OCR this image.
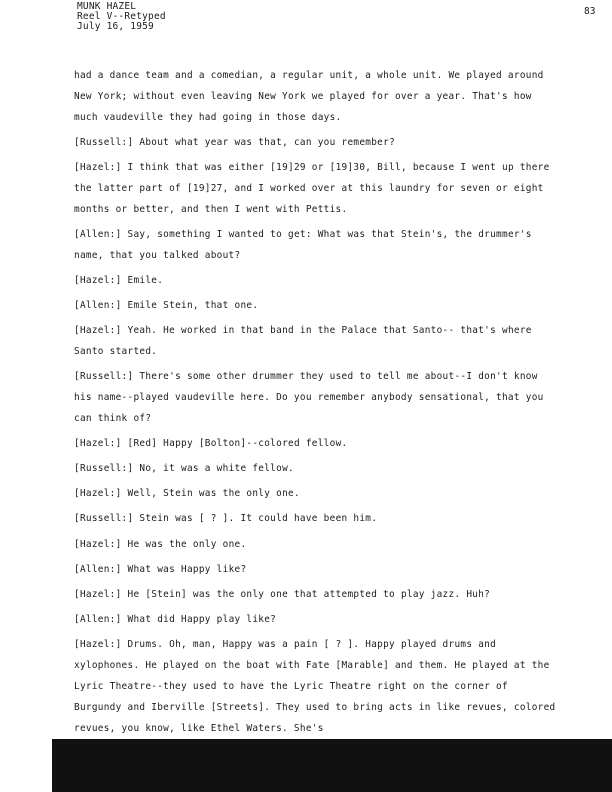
MUNK HAZEL
Reel V--Retyped
July 16, 1959
83

had a dance team and a comedian, a regular unit, a whole unit. We played around New York; without even leaving New York we played for over a year. That's how much vaudeville they had going in those days.

[Russell:] About what year was that, can you remember?

[Hazel:] I think that was either [19]29 or [19]30, Bill, because I went up there the latter part of [19]27, and I worked over at this laundry for seven or eight months or better, and then I went with Pettis.

[Allen:] Say, something I wanted to get: What was that Stein's, the drummer's name, that you talked about?

[Hazel:] Emile.

[Allen:] Emile Stein, that one.

[Hazel:] Yeah. He worked in that band in the Palace that Santo-- that's where Santo started.

[Russell:] There's some other drummer they used to tell me about--I don't know his name--played vaudeville here. Do you remember anybody sensational, that you can think of?

[Hazel:] [Red] Happy [Bolton]--colored fellow.

[Russell:] No, it was a white fellow.

[Hazel:] Well, Stein was the only one.

[Russell:] Stein was [ ? ]. It could have been him.

[Hazel:] He was the only one.

[Allen:] What was Happy like?

[Hazel:] He [Stein] was the only one that attempted to play jazz. Huh?

[Allen:] What did Happy play like?

[Hazel:] Drums. Oh, man, Happy was a pain [ ? ]. Happy played drums and xylophones. He played on the boat with Fate [Marable] and them. He played at the Lyric Theatre--they used to have the Lyric Theatre right on the corner of Burgundy and Iberville [Streets]. They used to bring acts in like revues, colored revues, you know, like Ethel Waters. She's
